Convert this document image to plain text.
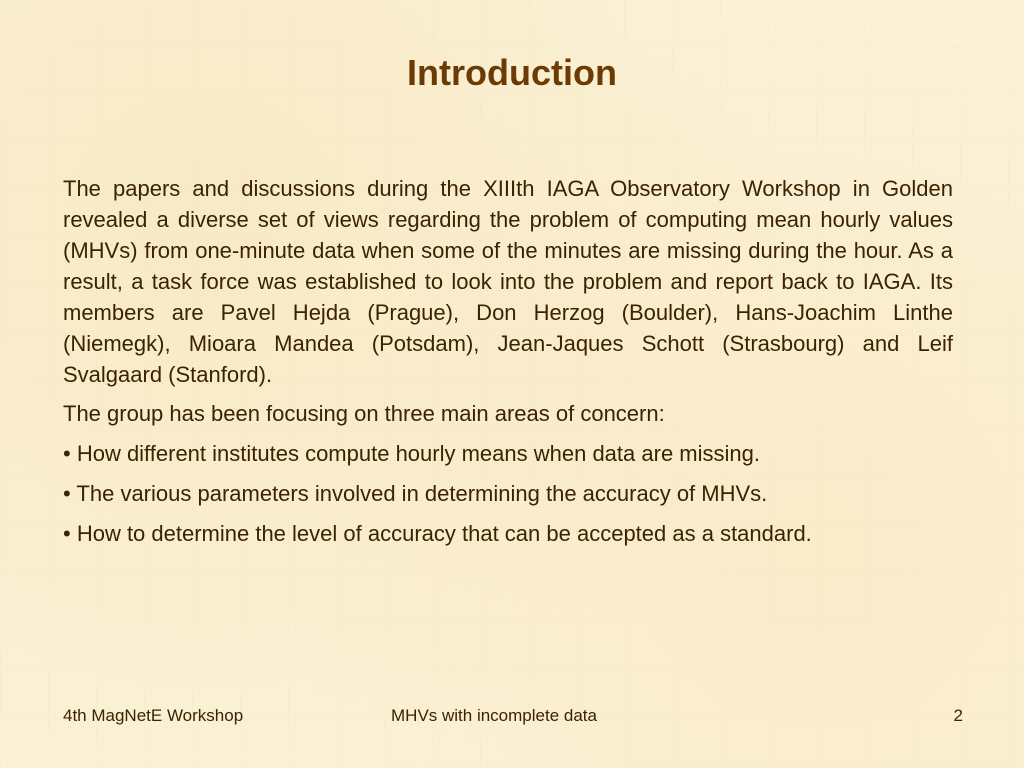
Introduction

The papers and discussions during the XIIIth IAGA Observatory Workshop in Golden revealed a diverse set of views regarding the problem of computing mean hourly values (MHVs) from one-minute data when some of the minutes are missing during the hour. As a result, a task force was established to look into the problem and report back to IAGA. Its members are Pavel Hejda (Prague), Don Herzog (Boulder), Hans-Joachim Linthe (Niemegk), Mioara Mandea (Potsdam), Jean-Jaques Schott (Strasbourg) and Leif Svalgaard (Stanford).

The group has been focusing on three main areas of concern:

• How different institutes compute hourly means when data are missing.
• The various parameters involved in determining the accuracy of MHVs.
• How to determine the level of accuracy that can be accepted as a standard.
4th MagNetE Workshop	MHVs with incomplete data	2
